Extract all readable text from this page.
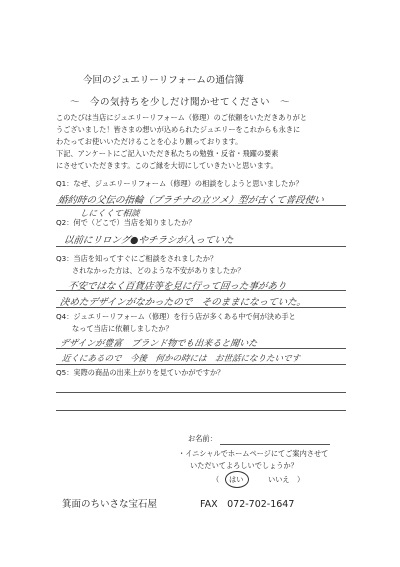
今回のジュエリーリフォームの通信簿
～　今の気持ちを少しだけ聞かせてください　～
このたびは当店にジュエリーリフォーム（修理）のご依頼をいただきありがと
うございました！皆さまの想いが込められたジュエリーをこれからも永きに
わたってお使いいただけることを心より願っております。
下記、アンケートにご記入いただき私たちの勉強・反省・飛躍の要素
にさせていただきます。このご縁を大切にしていきたいと思います。
Q1：なぜ、ジュエリーリフォーム（修理）の相談をしようと思いましたか？
婚約時の父伝の指輪（プラチナの立ツメ）型が古くて普段使い
しにくくて相談
Q2：何で（どこで）当店を知りましたか？
以前にリロング●やチラシが入っていた
Q3：当店を知ってすぐにご相談をされましたか？
されなかった方は、どのような不安がありましたか？
不安ではなく百貨店等を見に行って回った事があり
決めたデザインがなかったので　そのままになっていた。
Q4：ジュエリーリフォーム（修理）を行う店が多くある中で何が決め手と
なって当店に依頼しましたか？
デザインが豊富　ブランド物でも出来ると聞いた
近くにあるので　今後　何かの時には　お世話になりたいです
Q5：実際の商品の出来上がりを見ていかがですか？
お名前：
・イニシャルでホームページにてご案内させて
いただいてよろしいでしょうか？
（ はい	いいえ ）
箕面のちいさな宝石屋	FAX　072-702-1647
